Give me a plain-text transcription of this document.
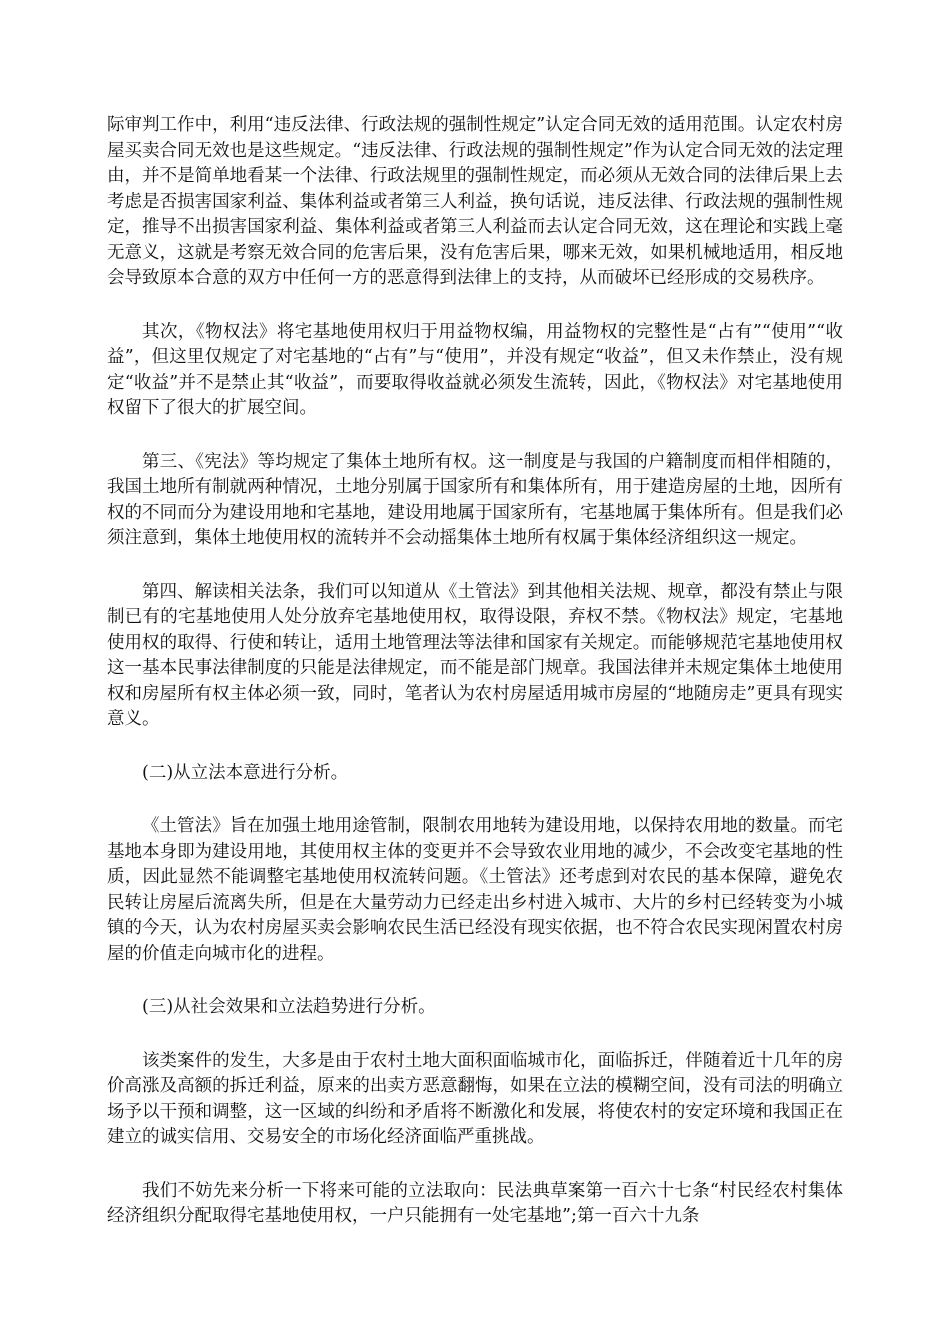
际审判工作中，利用“违反法律、行政法规的强制性规定”认定合同无效的适用范围。认定农村房屋买卖合同无效也是这些规定。“违反法律、行政法规的强制性规定”作为认定合同无效的法定理由，并不是简单地看某一个法律、行政法规里的强制性规定，而必须从无效合同的法律后果上去考虑是否损害国家利益、集体利益或者第三人利益，换句话说，违反法律、行政法规的强制性规定，推导不出损害国家利益、集体利益或者第三人利益而去认定合同无效，这在理论和实践上毫无意义，这就是考察无效合同的危害后果，没有危害后果，哪来无效，如果机械地适用，相反地会导致原本合意的双方中任何一方的恶意得到法律上的支持，从而破坏已经形成的交易秩序。

其次，《物权法》将宅基地使用权归于用益物权编，用益物权的完整性是“占有”“使用”“收益”，但这里仅规定了对宅基地的“占有”与“使用”，并没有规定“收益”，但又未作禁止，没有规定“收益”并不是禁止其“收益”，而要取得收益就必须发生流转，因此，《物权法》对宅基地使用权留下了很大的扩展空间。

第三、《宪法》等均规定了集体土地所有权。这一制度是与我国的户籍制度而相伴相随的，我国土地所有制就两种情况，土地分别属于国家所有和集体所有，用于建造房屋的土地，因所有权的不同而分为建设用地和宅基地，建设用地属于国家所有，宅基地属于集体所有。但是我们必须注意到，集体土地使用权的流转并不会动摇集体土地所有权属于集体经济组织这一规定。

第四、解读相关法条，我们可以知道从《土管法》到其他相关法规、规章，都没有禁止与限制已有的宅基地使用人处分放弃宅基地使用权，取得设限，弃权不禁。《物权法》规定，宅基地使用权的取得、行使和转让，适用土地管理法等法律和国家有关规定。而能够规范宅基地使用权这一基本民事法律制度的只能是法律规定，而不能是部门规章。我国法律并未规定集体土地使用权和房屋所有权主体必须一致，同时，笔者认为农村房屋适用城市房屋的“地随房走”更具有现实意义。

(二)从立法本意进行分析。

《土管法》旨在加强土地用途管制，限制农用地转为建设用地，以保持农用地的数量。而宅基地本身即为建设用地，其使用权主体的变更并不会导致农业用地的减少，不会改变宅基地的性质，因此显然不能调整宅基地使用权流转问题。《土管法》还考虑到对农民的基本保障，避免农民转让房屋后流离失所，但是在大量劳动力已经走出乡村进入城市、大片的乡村已经转变为小城镇的今天，认为农村房屋买卖会影响农民生活已经没有现实依据，也不符合农民实现闲置农村房屋的价值走向城市化的进程。

(三)从社会效果和立法趋势进行分析。

该类案件的发生，大多是由于农村土地大面积面临城市化，面临拆迁，伴随着近十几年的房价高涨及高额的拆迁利益，原来的出卖方恶意翻悔，如果在立法的模糊空间，没有司法的明确立场予以干预和调整，这一区域的纠纷和矛盾将不断激化和发展，将使农村的安定环境和我国正在建立的诚实信用、交易安全的市场化经济面临严重挑战。

我们不妨先来分析一下将来可能的立法取向：民法典草案第一百六十七条“村民经农村集体经济组织分配取得宅基地使用权，一户只能拥有一处宅基地”;第一百六十九条
